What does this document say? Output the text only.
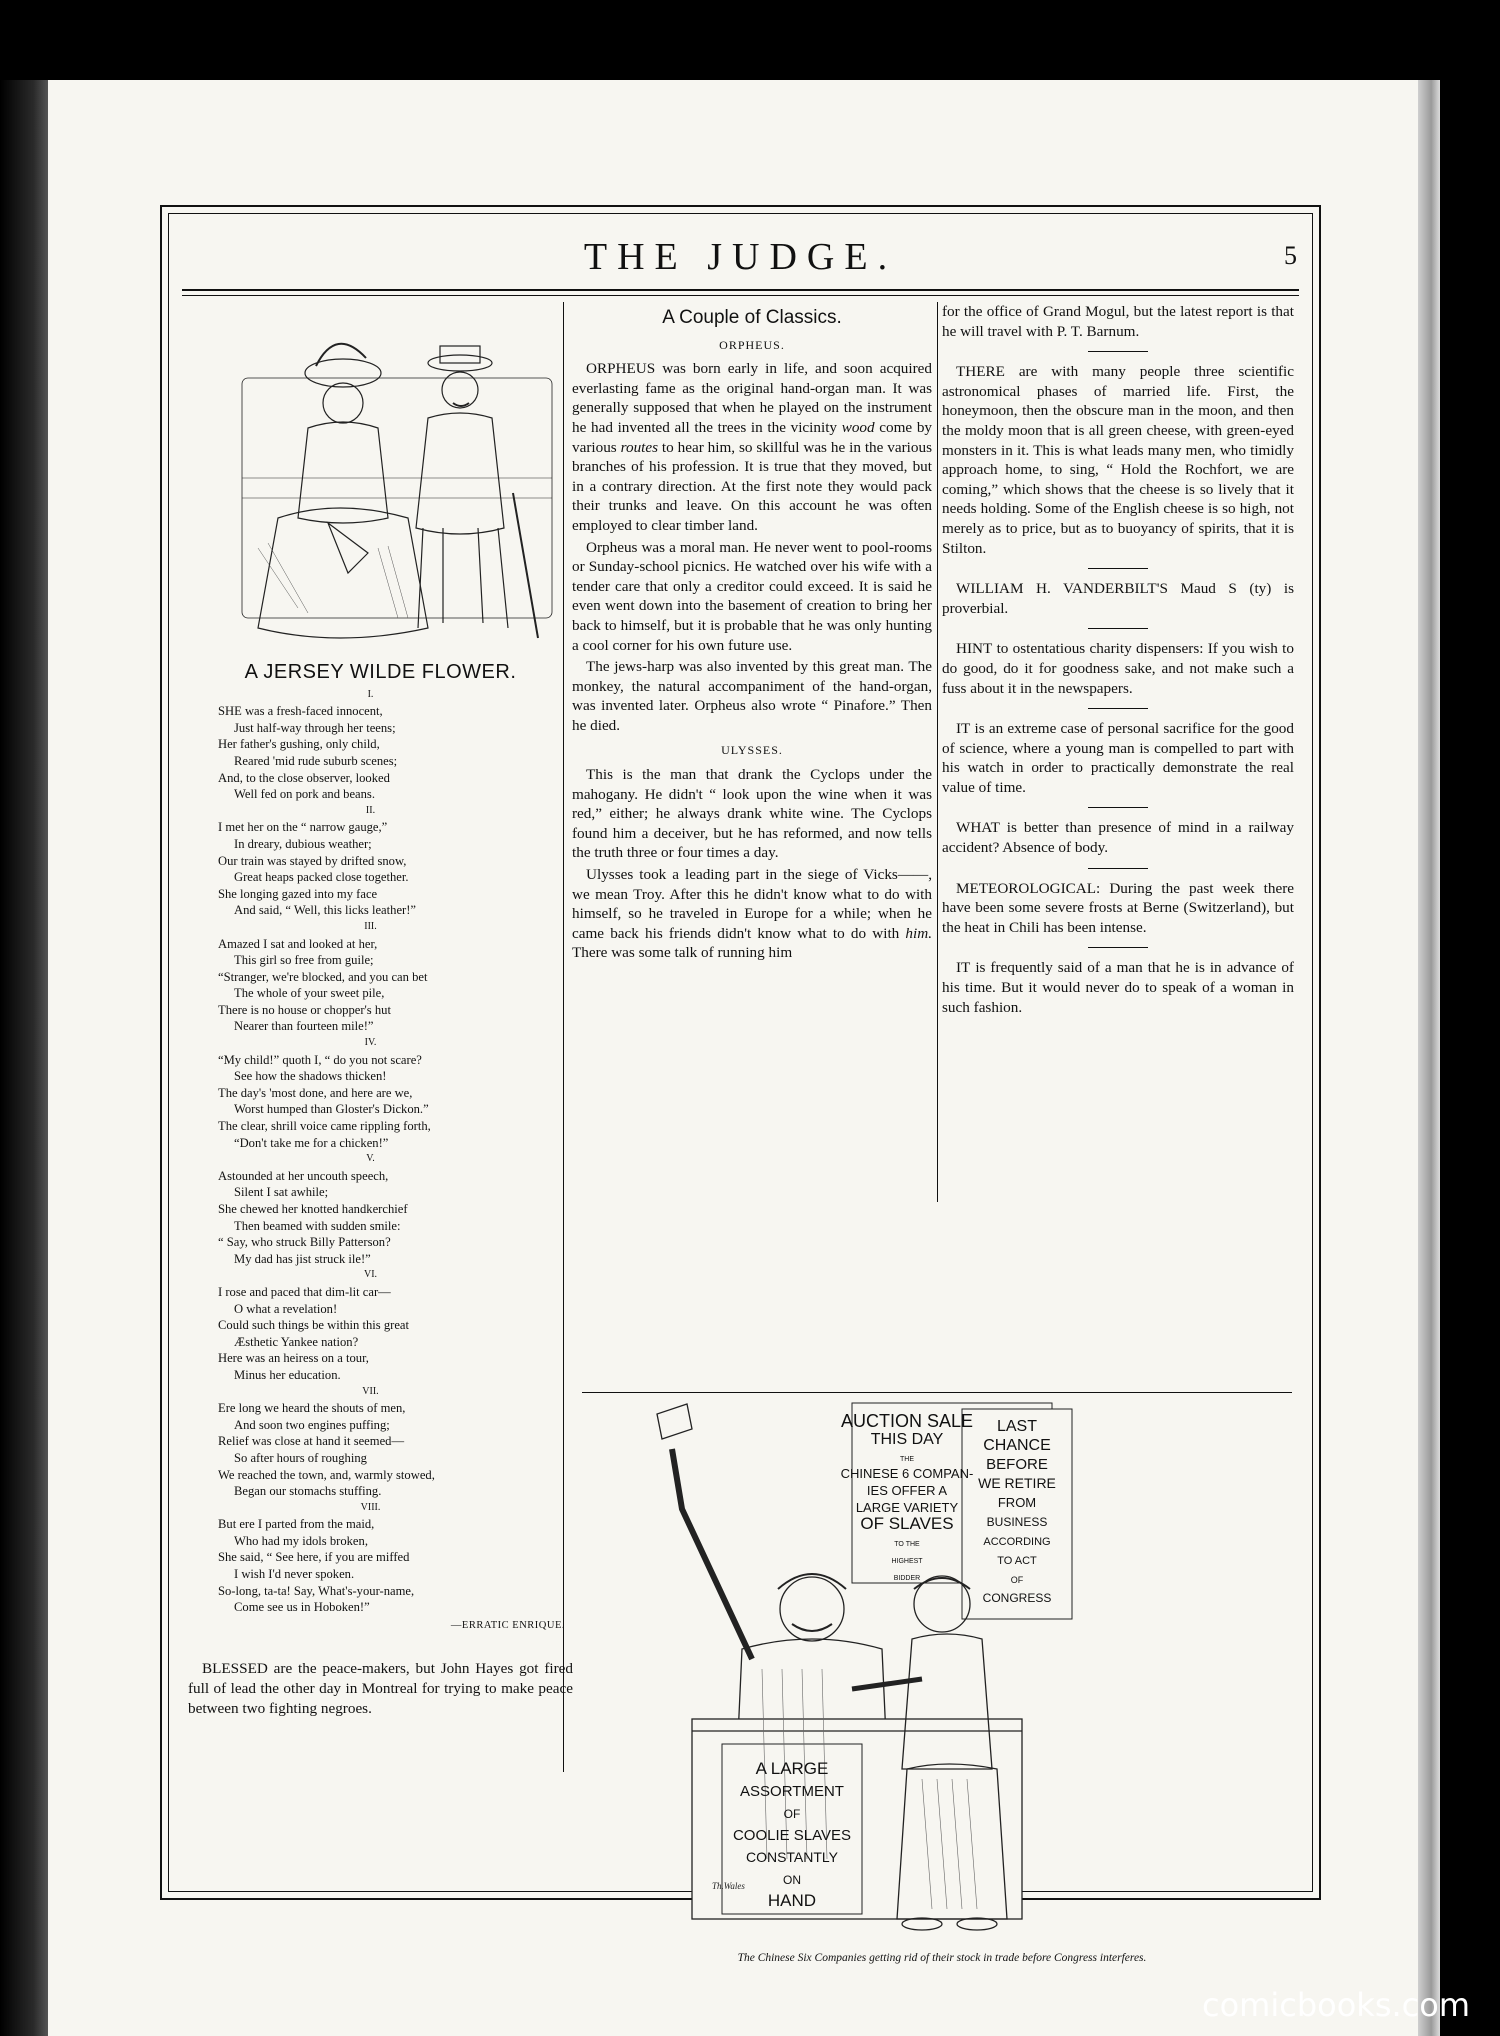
THE JUDGE.	5
A JERSEY WILDE FLOWER.
I.
SHE was a fresh-faced innocent,
Just half-way through her teens;
Her father's gushing, only child,
Reared 'mid rude suburb scenes;
And, to the close observer, looked
Well fed on pork and beans.
II.
I met her on the “ narrow gauge,”
In dreary, dubious weather;
Our train was stayed by drifted snow,
Great heaps packed close together.
She longing gazed into my face
And said, “ Well, this licks leather!”
III.
Amazed I sat and looked at her,
This girl so free from guile;
“Stranger, we're blocked, and you can bet
The whole of your sweet pile,
There is no house or chopper's hut
Nearer than fourteen mile!”
IV.
“My child!” quoth I, “ do you not scare?
See how the shadows thicken!
The day's 'most done, and here are we,
Worst humped than Gloster's Dickon.”
The clear, shrill voice came rippling forth,
“Don't take me for a chicken!”
V.
Astounded at her uncouth speech,
Silent I sat awhile;
She chewed her knotted handkerchief
Then beamed with sudden smile:
“ Say, who struck Billy Patterson?
My dad has jist struck ile!”
VI.
I rose and paced that dim-lit car—
O what a revelation!
Could such things be within this great
Æsthetic Yankee nation?
Here was an heiress on a tour,
Minus her education.
VII.
Ere long we heard the shouts of men,
And soon two engines puffing;
Relief was close at hand it seemed—
So after hours of roughing
We reached the town, and, warmly stowed,
Began our stomachs stuffing.
VIII.
But ere I parted from the maid,
Who had my idols broken,
She said, “ See here, if you are miffed
I wish I'd never spoken.
So-long, ta-ta! Say, What's-your-name,
Come see us in Hoboken!”
—ERRATIC ENRIQUE.

BLESSED are the peace-makers, but John Hayes got fired full of lead the other day in Montreal for trying to make peace between two fighting negroes.

A Couple of Classics.
ORPHEUS.

ORPHEUS was born early in life, and soon acquired everlasting fame as the original hand-organ man. It was generally supposed that when he played on the instrument he had invented all the trees in the vicinity wood come by various routes to hear him, so skillful was he in the various branches of his profession. It is true that they moved, but in a contrary direction. At the first note they would pack their trunks and leave. On this account he was often employed to clear timber land.

Orpheus was a moral man. He never went to pool-rooms or Sunday-school picnics. He watched over his wife with a tender care that only a creditor could exceed. It is said he even went down into the basement of creation to bring her back to himself, but it is probable that he was only hunting a cool corner for his own future use.

The jews-harp was also invented by this great man. The monkey, the natural accompaniment of the hand-organ, was invented later. Orpheus also wrote “ Pinafore.” Then he died.

ULYSSES.

This is the man that drank the Cyclops under the mahogany. He didn't “ look upon the wine when it was red,” either; he always drank white wine. The Cyclops found him a deceiver, but he has reformed, and now tells the truth three or four times a day.

Ulysses took a leading part in the siege of Vicks——, we mean Troy. After this he didn't know what to do with himself, so he traveled in Europe for a while; when he came back his friends didn't know what to do with him. There was some talk of running him

for the office of Grand Mogul, but the latest report is that he will travel with P. T. Barnum.

THERE are with many people three scientific astronomical phases of married life. First, the honeymoon, then the obscure man in the moon, and then the moldy moon that is all green cheese, with green-eyed monsters in it. This is what leads many men, who timidly approach home, to sing, “ Hold the Rochfort, we are coming,” which shows that the cheese is so lively that it needs holding. Some of the English cheese is so high, not merely as to price, but as to buoyancy of spirits, that it is Stilton.

WILLIAM H. VANDERBILT'S Maud S (ty) is proverbial.

HINT to ostentatious charity dispensers: If you wish to do good, do it for goodness sake, and not make such a fuss about it in the newspapers.

IT is an extreme case of personal sacrifice for the good of science, where a young man is compelled to part with his watch in order to practically demonstrate the real value of time.

WHAT is better than presence of mind in a railway accident? Absence of body.

METEOROLOGICAL: During the past week there have been some severe frosts at Berne (Switzerland), but the heat in Chili has been intense.

IT is frequently said of a man that he is in advance of his time. But it would never do to speak of a woman in such fashion.

AUCTION SALE
THIS DAY
THE
CHINESE 6 COMPAN-
IES OFFER A
LARGE VARIETY
OF SLAVES
TO THE
HIGHEST
BIDDER
LAST
CHANCE
BEFORE
WE RETIRE
FROM
BUSINESS
ACCORDING
TO ACT
OF
CONGRESS
A LARGE
ASSORTMENT
OF
COOLIE SLAVES
CONSTANTLY
ON
HAND
Th.Wales
The Chinese Six Companies getting rid of their stock in trade before Congress interferes.
comicbooks.com
